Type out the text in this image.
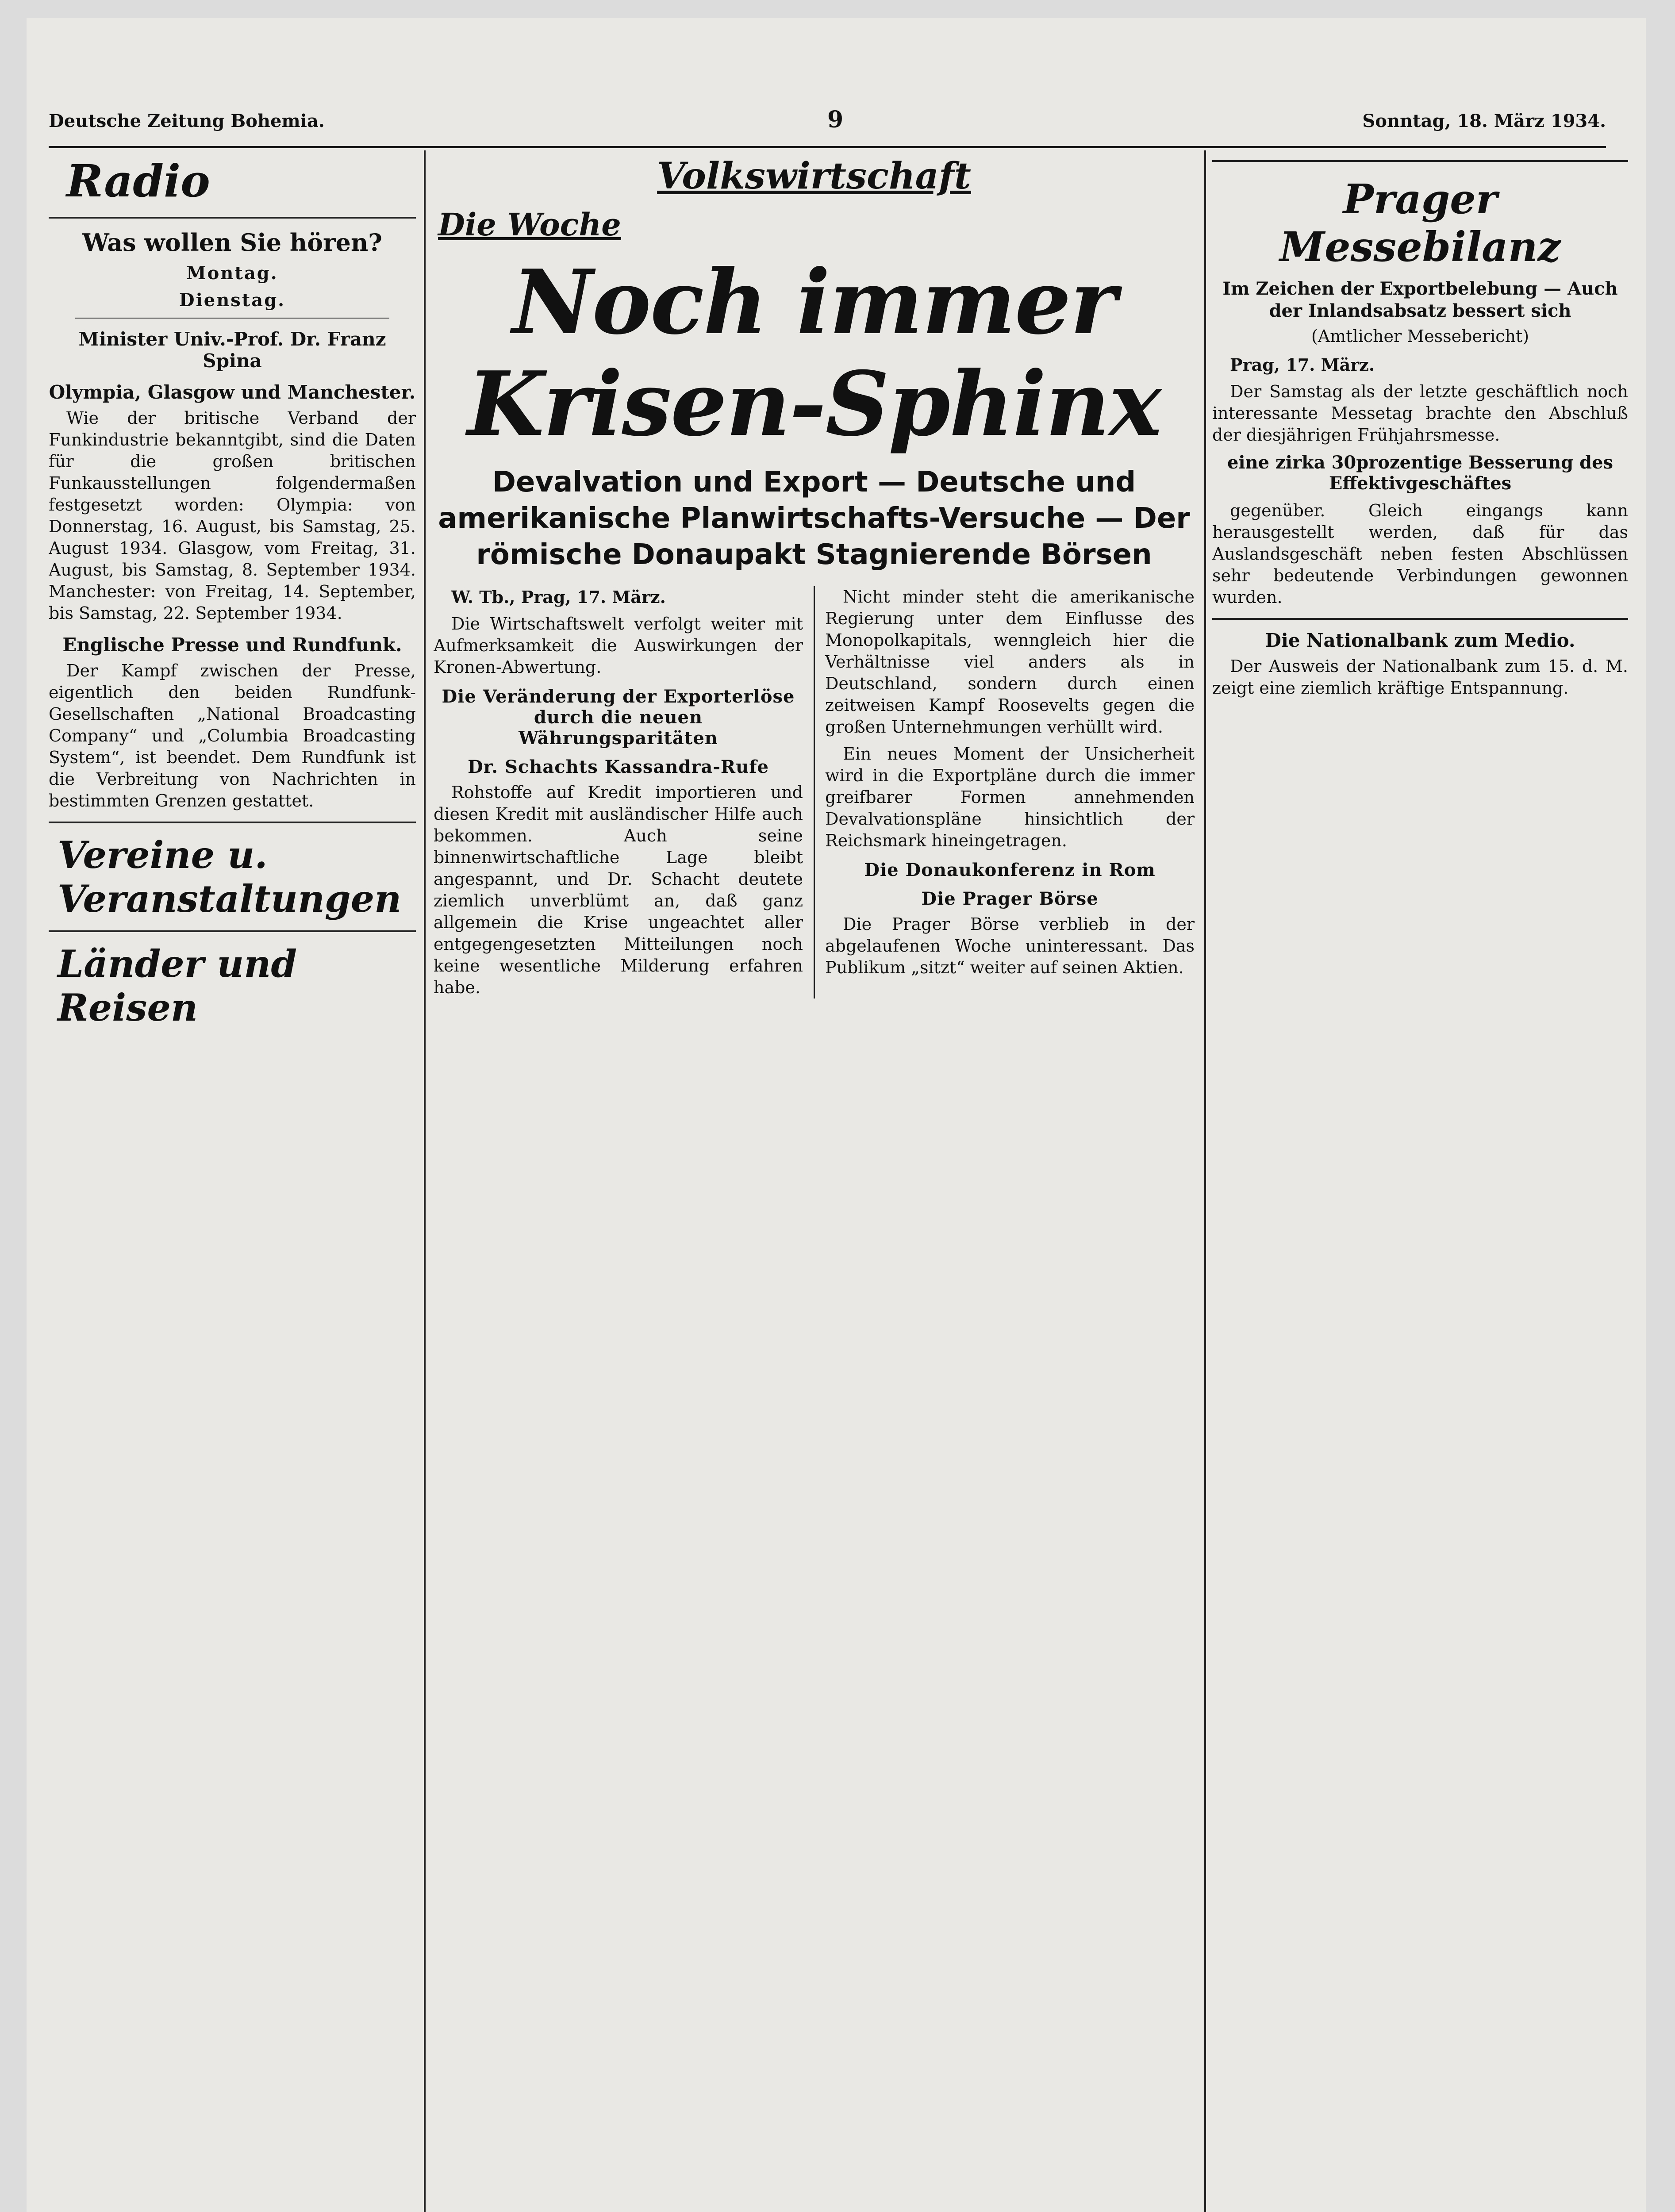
Deutsche Zeitung Bohemia.	9	Sonntag, 18. März 1934.
Radio
Was wollen Sie hören?
Montag.
Dienstag.
Minister Univ.-Prof. Dr. Franz Spina
Olympia, Glasgow und Manchester.

Wie der britische Verband der Funkindustrie bekanntgibt, sind die Daten für die großen britischen Funkausstellungen folgendermaßen festgesetzt worden: Olympia: von Donnerstag, 16. August, bis Samstag, 25. August 1934. Glasgow, vom Freitag, 31. August, bis Samstag, 8. September 1934. Manchester: von Freitag, 14. September, bis Samstag, 22. September 1934.

Englische Presse und Rundfunk.

Der Kampf zwischen der Presse, eigentlich den beiden Rundfunk-Gesellschaften „National Broadcasting Company“ und „Columbia Broadcasting System“, ist beendet. Dem Rundfunk ist die Verbreitung von Nachrichten in bestimmten Grenzen gestattet.

Vereine u. Veranstaltungen
Länder und Reisen
Volkswirtschaft
Die Woche
Noch immer Krisen-Sphinx
Devalvation und Export — Deutsche und amerikanische Planwirtschafts-Versuche — Der römische Donaupakt Stagnierende Börsen

W. Tb., Prag, 17. März.

Die Wirtschaftswelt verfolgt weiter mit Aufmerksamkeit die Auswirkungen der Kronen-Abwertung.

Die Veränderung der Exporterlöse durch die neuen Währungsparitäten
Dr. Schachts Kassandra-Rufe

Rohstoffe auf Kredit importieren und diesen Kredit mit ausländischer Hilfe auch bekommen. Auch seine binnenwirtschaftliche Lage bleibt angespannt, und Dr. Schacht deutete ziemlich unverblümt an, daß ganz allgemein die Krise ungeachtet aller entgegengesetzten Mitteilungen noch keine wesentliche Milderung erfahren habe.

Nicht minder steht die amerikanische Regierung unter dem Einflusse des Monopolkapitals, wenngleich hier die Verhältnisse viel anders als in Deutschland, sondern durch einen zeitweisen Kampf Roosevelts gegen die großen Unternehmungen verhüllt wird.

Ein neues Moment der Unsicherheit wird in die Exportpläne durch die immer greifbarer Formen annehmenden Devalvationspläne hinsichtlich der Reichsmark hineingetragen.

Die Donaukonferenz in Rom
Die Prager Börse

Die Prager Börse verblieb in der abgelaufenen Woche uninteressant. Das Publikum „sitzt“ weiter auf seinen Aktien.

Prager Messebilanz
Im Zeichen der Exportbelebung — Auch der Inlandsabsatz bessert sich
(Amtlicher Messebericht)

Prag, 17. März.

Der Samstag als der letzte geschäftlich noch interessante Messetag brachte den Abschluß der diesjährigen Frühjahrsmesse.

eine zirka 30prozentige Besserung des Effektivgeschäftes

gegenüber. Gleich eingangs kann herausgestellt werden, daß für das Auslandsgeschäft neben festen Abschlüssen sehr bedeutende Verbindungen gewonnen wurden.

Die Nationalbank zum Medio.

Der Ausweis der Nationalbank zum 15. d. M. zeigt eine ziemlich kräftige Entspannung.
